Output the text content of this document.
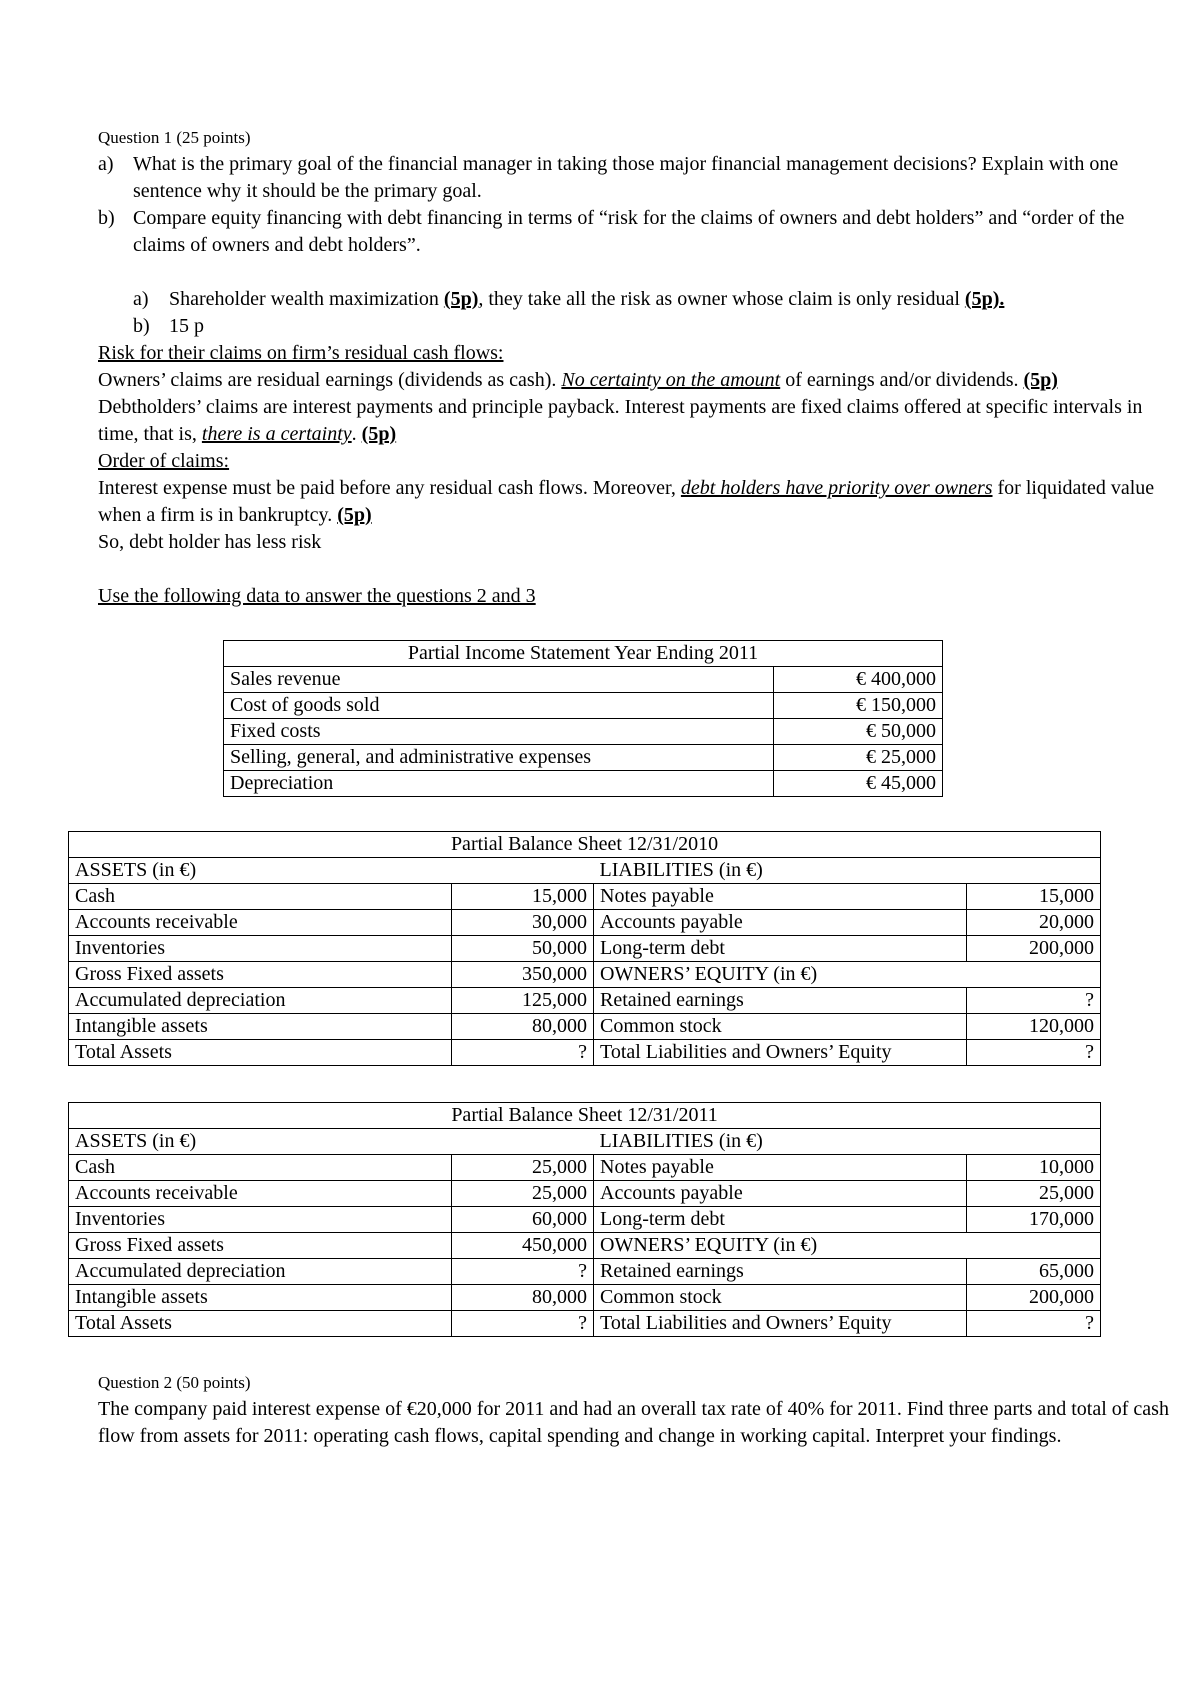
Question 1 (25 points)
a) What is the primary goal of the financial manager in taking those major financial management decisions? Explain with one sentence why it should be the primary goal.
b) Compare equity financing with debt financing in terms of “risk for the claims of owners and debt holders” and “order of the claims of owners and debt holders”.
a) Shareholder wealth maximization (5p), they take all the risk as owner whose claim is only residual (5p).
b) 15 p
Risk for their claims on firm’s residual cash flows:
Owners’ claims are residual earnings (dividends as cash). No certainty on the amount of earnings and/or dividends. (5p)
Debtholders’ claims are interest payments and principle payback. Interest payments are fixed claims offered at specific intervals in time, that is, there is a certainty. (5p)
Order of claims:
Interest expense must be paid before any residual cash flows. Moreover, debt holders have priority over owners for liquidated value when a firm is in bankruptcy. (5p)
So, debt holder has less risk
Use the following data to answer the questions 2 and 3
Partial Income Statement Year Ending 2011	
Sales revenue	€ 400,000
Cost of goods sold	€ 150,000
Fixed costs	€ 50,000
Selling, general, and administrative expenses	€ 25,000
Depreciation	€ 45,000
Partial Balance Sheet 12/31/2010			
ASSETS (in €)		LIABILITIES (in €)	
Cash	15,000	Notes payable	15,000
Accounts receivable	30,000	Accounts payable	20,000
Inventories	50,000	Long-term debt	200,000
Gross Fixed assets	350,000	OWNERS’ EQUITY (in €)	
Accumulated depreciation	125,000	Retained earnings	?
Intangible assets	80,000	Common stock	120,000
Total Assets	?	Total Liabilities and Owners’ Equity	?
Partial Balance Sheet 12/31/2011			
ASSETS (in €)		LIABILITIES (in €)	
Cash	25,000	Notes payable	10,000
Accounts receivable	25,000	Accounts payable	25,000
Inventories	60,000	Long-term debt	170,000
Gross Fixed assets	450,000	OWNERS’ EQUITY (in €)	
Accumulated depreciation	?	Retained earnings	65,000
Intangible assets	80,000	Common stock	200,000
Total Assets	?	Total Liabilities and Owners’ Equity	?
Question 2 (50 points)
The company paid interest expense of €20,000 for 2011 and had an overall tax rate of 40% for 2011. Find three parts and total of cash flow from assets for 2011: operating cash flows, capital spending and change in working capital. Interpret your findings.
